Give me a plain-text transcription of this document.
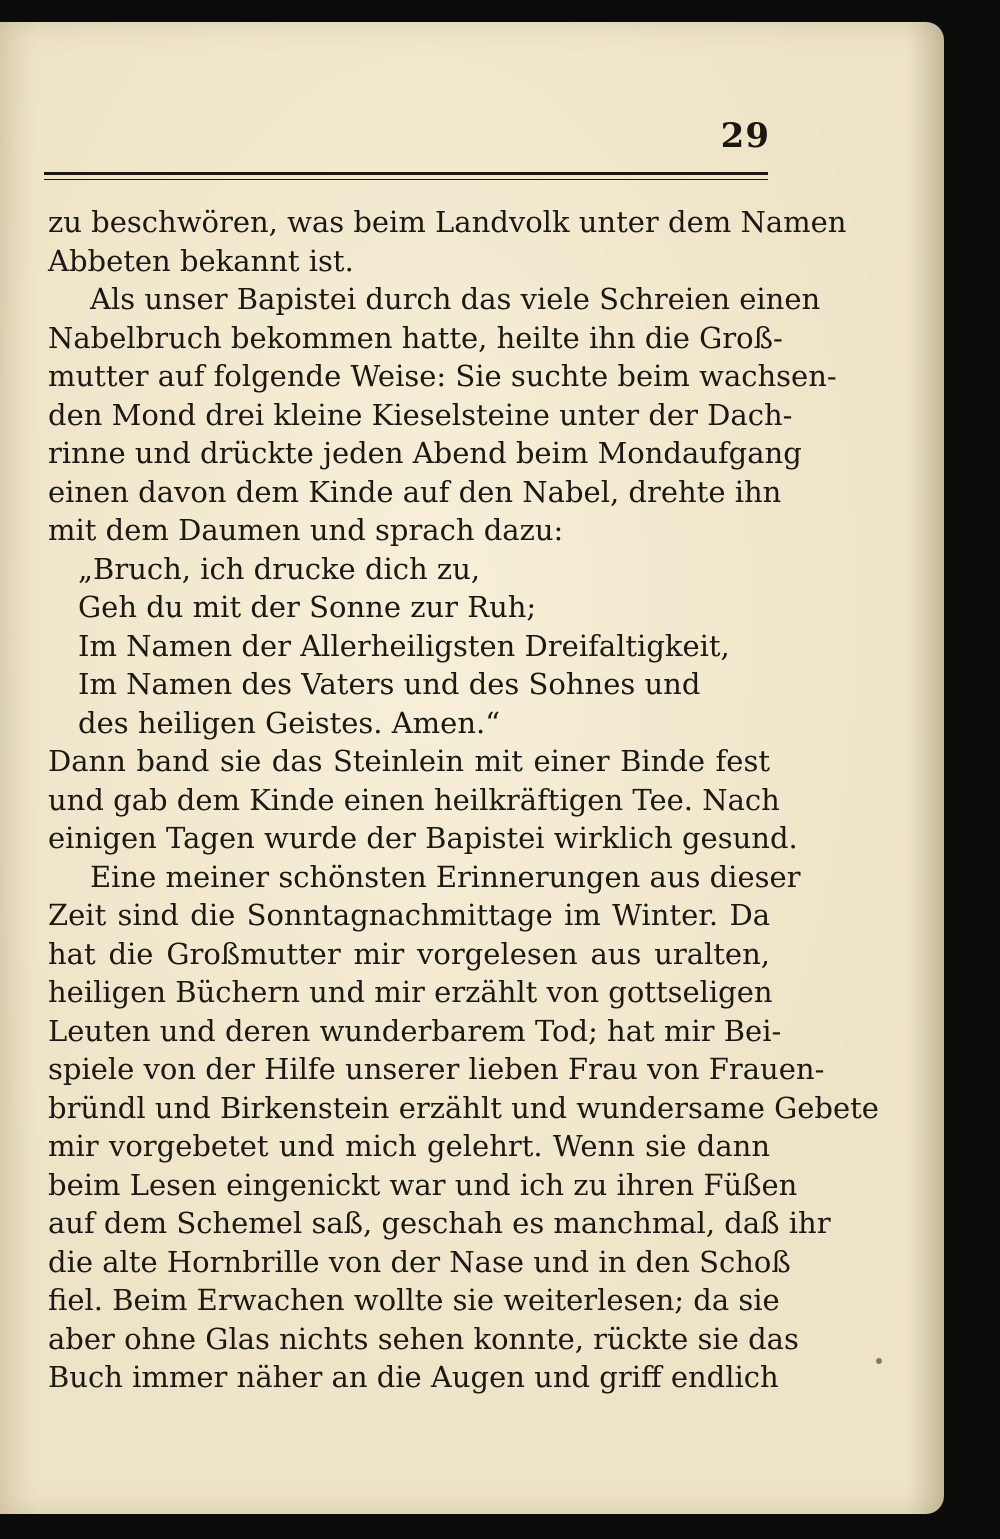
29
zu beschwören, was beim Landvolk unter dem Namen
Abbeten bekannt ist.
Als unser Bapistei durch das viele Schreien einen
Nabelbruch bekommen hatte, heilte ihn die Groß-
mutter auf folgende Weise: Sie suchte beim wachsen-
den Mond drei kleine Kieselsteine unter der Dach-
rinne und drückte jeden Abend beim Mondaufgang
einen davon dem Kinde auf den Nabel, drehte ihn
mit dem Daumen und sprach dazu:
„Bruch, ich drucke dich zu,
Geh du mit der Sonne zur Ruh;
Im Namen der Allerheiligsten Dreifaltigkeit,
Im Namen des Vaters und des Sohnes und
des heiligen Geistes. Amen.“
Dann band sie das Steinlein mit einer Binde fest
und gab dem Kinde einen heilkräftigen Tee. Nach
einigen Tagen wurde der Bapistei wirklich gesund.
Eine meiner schönsten Erinnerungen aus dieser
Zeit sind die Sonntagnachmittage im Winter. Da
hat die Großmutter mir vorgelesen aus uralten,
heiligen Büchern und mir erzählt von gottseligen
Leuten und deren wunderbarem Tod; hat mir Bei-
spiele von der Hilfe unserer lieben Frau von Frauen-
bründl und Birkenstein erzählt und wundersame Gebete
mir vorgebetet und mich gelehrt. Wenn sie dann
beim Lesen eingenickt war und ich zu ihren Füßen
auf dem Schemel saß, geschah es manchmal, daß ihr
die alte Hornbrille von der Nase und in den Schoß
fiel. Beim Erwachen wollte sie weiterlesen; da sie
aber ohne Glas nichts sehen konnte, rückte sie das
Buch immer näher an die Augen und griff endlich
